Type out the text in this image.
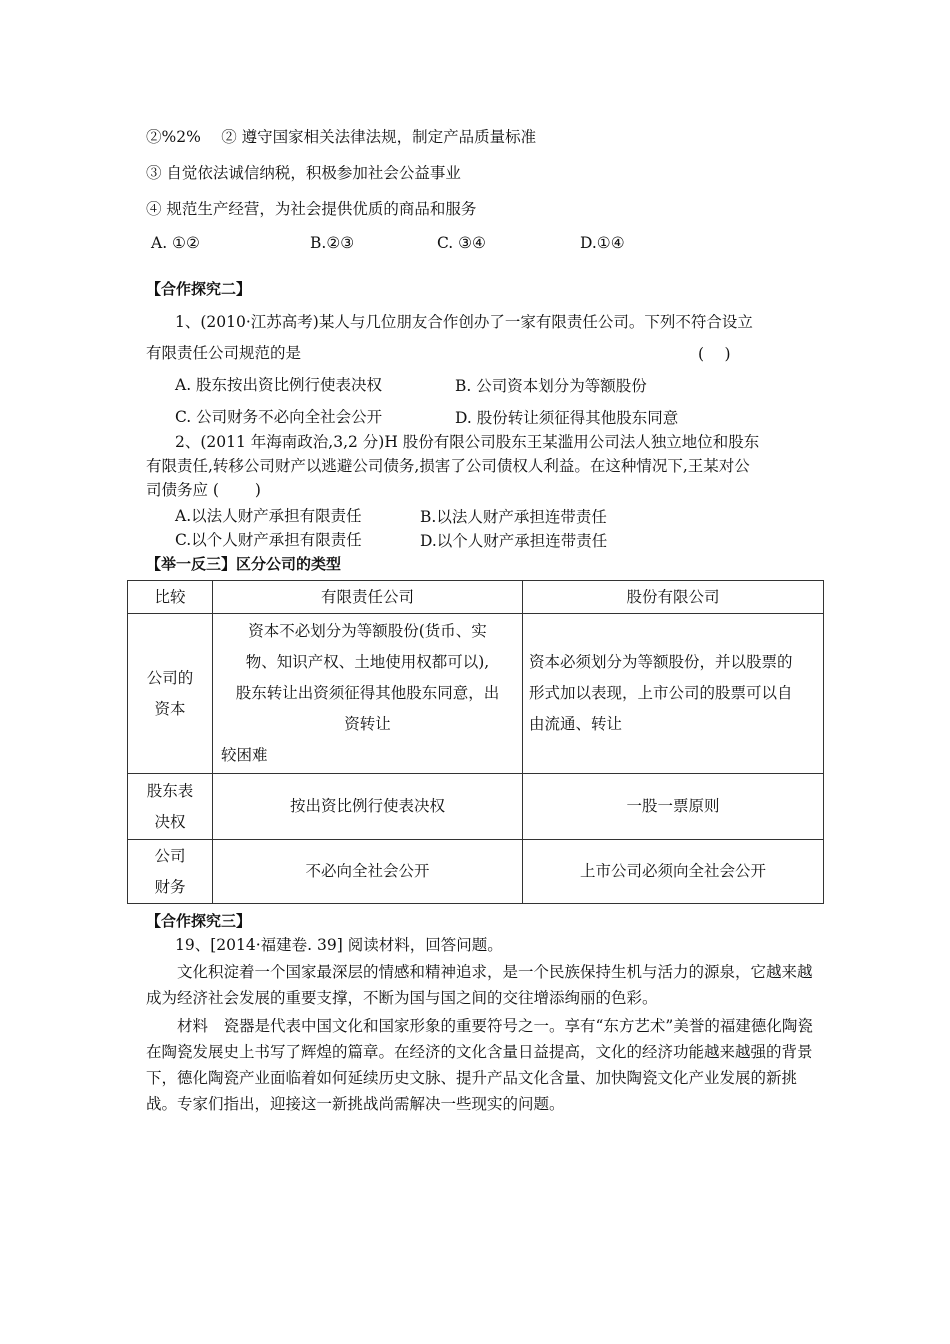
②%2%　 ② 遵守国家相关法律法规，制定产品质量标准
③ 自觉依法诚信纳税，积极参加社会公益事业
④ 规范生产经营，为社会提供优质的商品和服务
A. ①②	B.②③	C. ③④	D.①④
【合作探究二】
1、(2010·江苏高考)某人与几位朋友合作创办了一家有限责任公司。下列不符合设立
有限责任公司规范的是	(　 )
A. 股东按出资比例行使表决权	B. 公司资本划分为等额股份
C. 公司财务不必向全社会公开	D. 股份转让须征得其他股东同意
2、(2011 年海南政治,3,2 分)H 股份有限公司股东王某滥用公司法人独立地位和股东
有限责任,转移公司财产以逃避公司债务,损害了公司债权人利益。在这种情况下,王某对公
司债务应 (　 　)
A.以法人财产承担有限责任	B.以法人财产承担连带责任
C.以个人财产承担有限责任	D.以个人财产承担连带责任
【举一反三】区分公司的类型
比较	有限责任公司	股份有限公司

公司的
资本	资本不必划分为等额股份(货币、实
物、知识产权、土地使用权都可以),
股东转让出资须征得其他股东同意，出
资转让
较困难	资本必须划分为等额股份，并以股票的
形式加以表现，上市公司的股票可以自
由流通、转让

股东表
决权	按出资比例行使表决权	一股一票原则

公司
财务	不必向全社会公开	上市公司必须向全社会公开
【合作探究三】
19、[2014·福建卷. 39] 阅读材料，回答问题。
文化积淀着一个国家最深层的情感和精神追求，是一个民族保持生机与活力的源泉，它越来越成为经济社会发展的重要支撑，不断为国与国之间的交往增添绚丽的色彩。
材料　瓷器是代表中国文化和国家形象的重要符号之一。享有“东方艺术”美誉的福建德化陶瓷在陶瓷发展史上书写了辉煌的篇章。在经济的文化含量日益提高，文化的经济功能越来越强的背景下，德化陶瓷产业面临着如何延续历史文脉、提升产品文化含量、加快陶瓷文化产业发展的新挑战。专家们指出，迎接这一新挑战尚需解决一些现实的问题。
